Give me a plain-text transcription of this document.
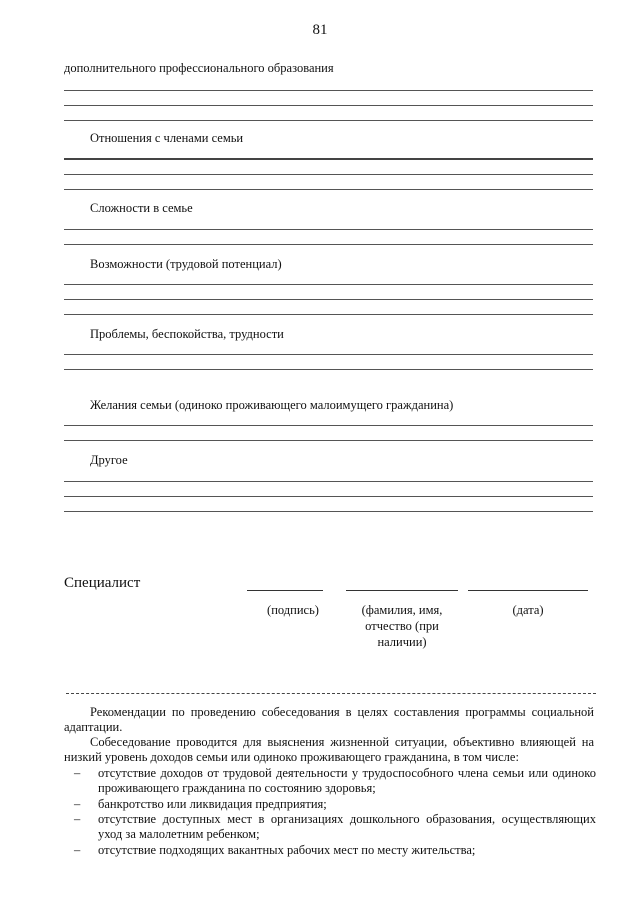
81
дополнительного профессионального образования
Отношения с членами семьи
Сложности в семье
Возможности (трудовой потенциал)
Проблемы, беспокойства, трудности
Желания семьи (одиноко проживающего малоимущего гражданина)
Другое
Специалист
(подпись)	(фамилия, имя,
отчество (при
наличии)
(дата)
Рекомендации по проведению собеседования в целях составления программы социальной адаптации.
Собеседование проводится для выяснения жизненной ситуации, объективно влияющей на низкий уровень доходов семьи или одиноко проживающего гражданина, в том числе:
– отсутствие доходов от трудовой деятельности у трудоспособного члена семьи или одиноко проживающего гражданина по состоянию здоровья;
– банкротство или ликвидация предприятия;
– отсутствие доступных мест в организациях дошкольного образования, осуществляющих уход за малолетним ребенком;
– отсутствие подходящих вакантных рабочих мест по месту жительства;
